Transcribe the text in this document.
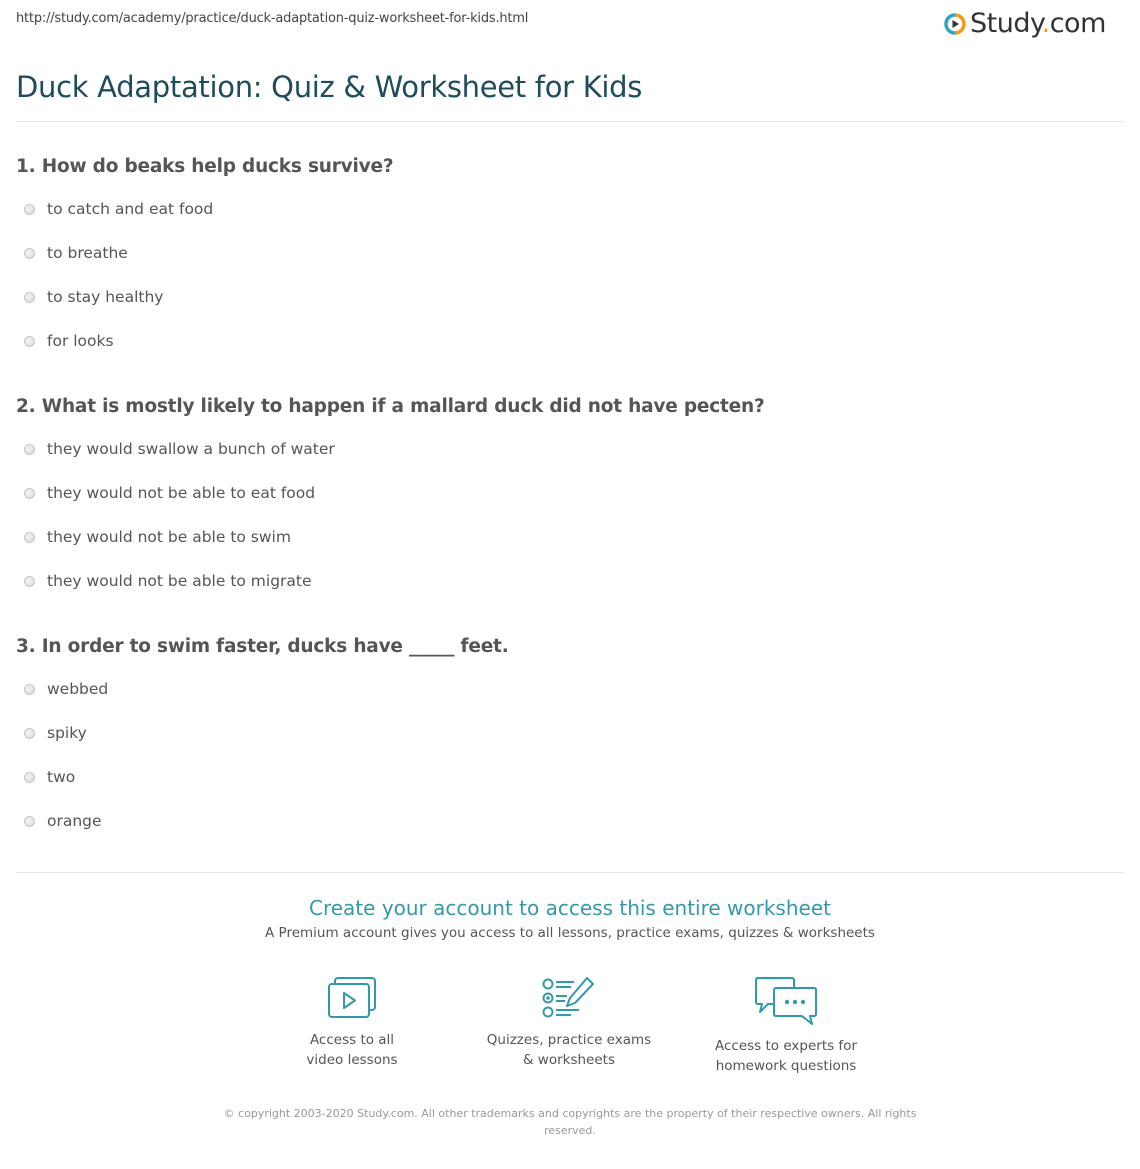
http://study.com/academy/practice/duck-adaptation-quiz-worksheet-for-kids.html	Study.com
Duck Adaptation: Quiz & Worksheet for Kids
1. How do beaks help ducks survive?
to catch and eat food
to breathe
to stay healthy
for looks
2. What is mostly likely to happen if a mallard duck did not have pecten?
they would swallow a bunch of water
they would not be able to eat food
they would not be able to swim
they would not be able to migrate
3. In order to swim faster, ducks have _____ feet.
webbed
spiky
two
orange
Create your account to access this entire worksheet
A Premium account gives you access to all lessons, practice exams, quizzes & worksheets
Access to all
video lessons
Quizzes, practice exams
& worksheets
Access to experts for
homework questions
© copyright 2003-2020 Study.com. All other trademarks and copyrights are the property of their respective owners. All rights reserved.
